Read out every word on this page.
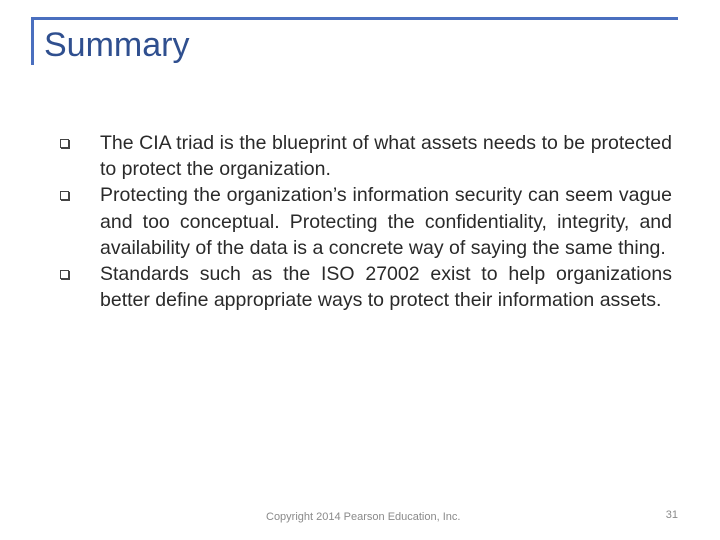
Summary
The CIA triad is the blueprint of what assets needs to be protected to protect the organization.
Protecting the organization’s information security can seem vague and too conceptual. Protecting the confidentiality, integrity, and availability of the data is a concrete way of saying the same thing.
Standards such as the ISO 27002 exist to help organizations better define appropriate ways to protect their information assets.
Copyright 2014 Pearson Education, Inc.	31
